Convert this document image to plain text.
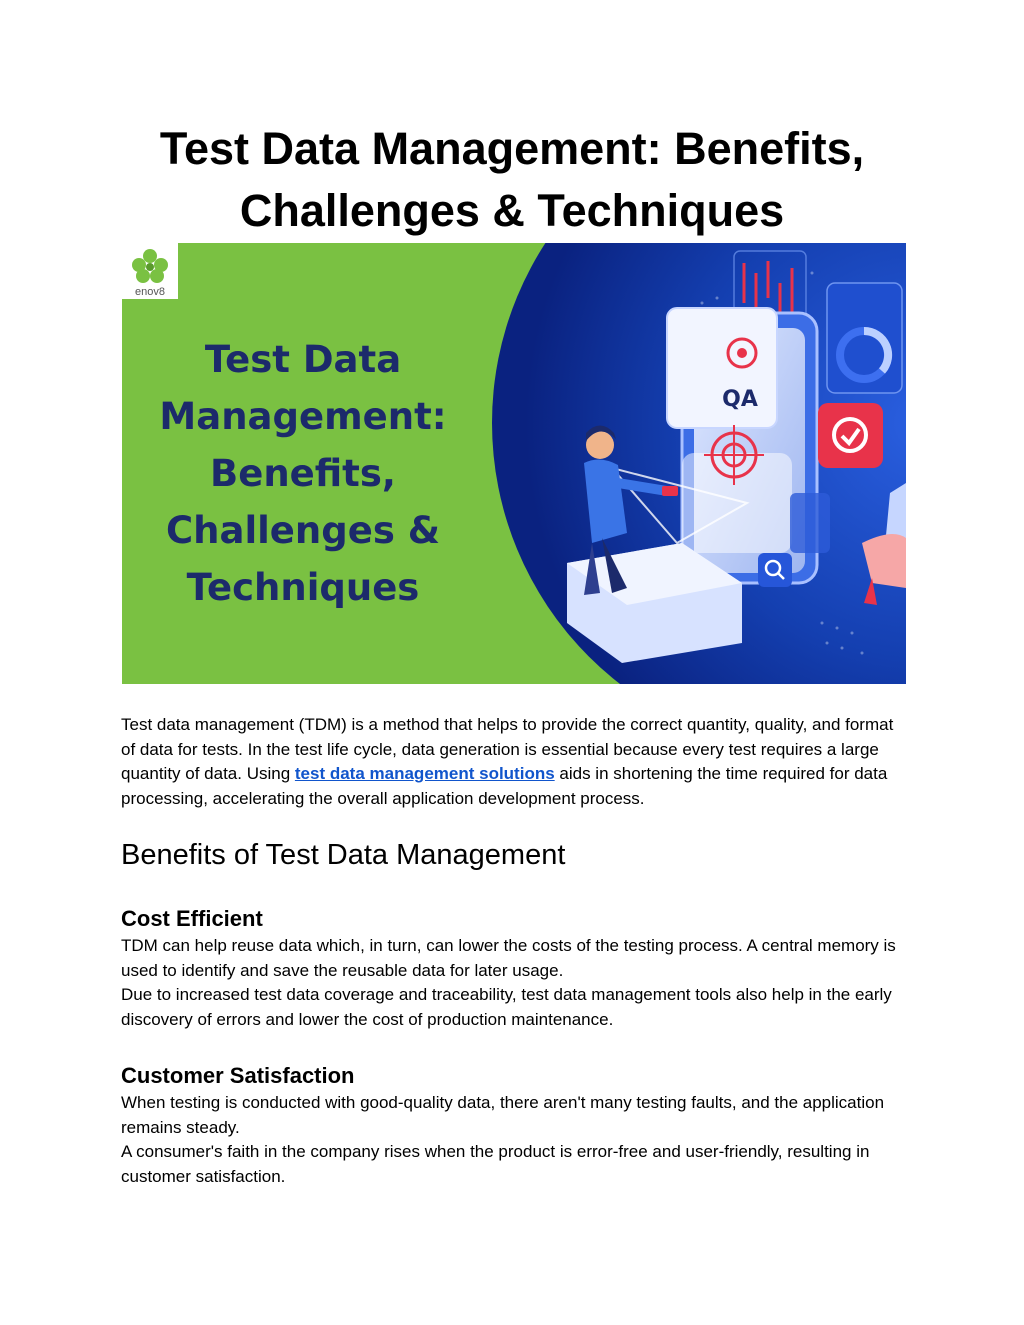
Test Data Management: Benefits,
Challenges & Techniques
enov8
Test Data
Management:
Benefits,
Challenges &
Techniques
QA

Test data management (TDM) is a method that helps to provide the correct quantity, quality, and format of data for tests. In the test life cycle, data generation is essential because every test requires a large quantity of data. Using test data management solutions aids in shortening the time required for data processing, accelerating the overall application development process.

Benefits of Test Data Management
Cost Efficient

TDM can help reuse data which, in turn, can lower the costs of the testing process. A central memory is used to identify and save the reusable data for later usage.

Due to increased test data coverage and traceability, test data management tools also help in the early discovery of errors and lower the cost of production maintenance.

Customer Satisfaction

When testing is conducted with good-quality data, there aren't many testing faults, and the application remains steady.

A consumer's faith in the company rises when the product is error-free and user-friendly, resulting in customer satisfaction.
